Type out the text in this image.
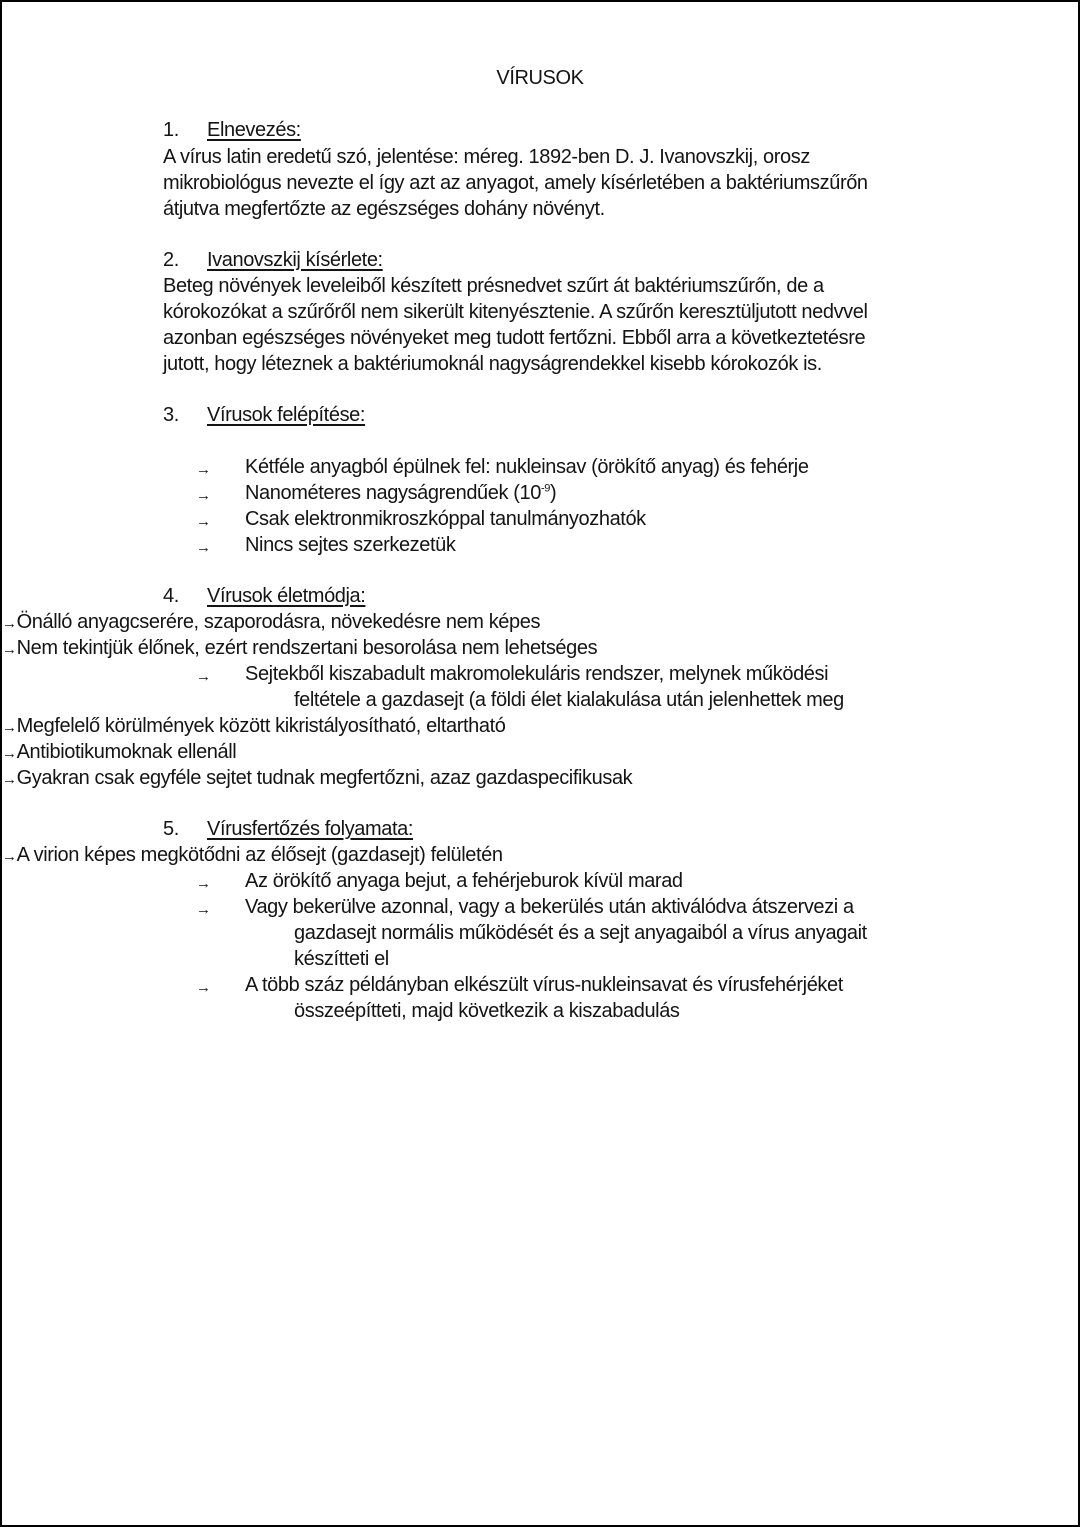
VÍRUSOK
1. Elnevezés:
A vírus latin eredetű szó, jelentése: méreg. 1892-ben D. J. Ivanovszkij, orosz
mikrobiológus nevezte el így azt az anyagot, amely kísérletében a baktériumszűrőn
átjutva megfertőzte az egészséges dohány növényt.
2. Ivanovszkij kísérlete:
Beteg növények leveleiből készített présnedvet szűrt át baktériumszűrőn, de a
kórokozókat a szűrőről nem sikerült kitenyésztenie. A szűrőn keresztüljutott nedvvel
azonban egészséges növényeket meg tudott fertőzni. Ebből arra a következtetésre
jutott, hogy léteznek a baktériumoknál nagyságrendekkel kisebb kórokozók is.
3. Vírusok felépítése:
→ Kétféle anyagból épülnek fel: nukleinsav (örökítő anyag) és fehérje
→ Nanométeres nagyságrendűek $(10^{-9})$
→ Csak elektronmikroszkóppal tanulmányozhatók
→ Nincs sejtes szerkezetük
4. Vírusok életmódja:
→Önálló anyagcserére, szaporodásra, növekedésre nem képes
→Nem tekintjük élőnek, ezért rendszertani besorolása nem lehetséges
→ Sejtekből kiszabadult makromolekuláris rendszer, melynek működési
feltétele a gazdasejt (a földi élet kialakulása után jelenhettek meg
→Megfelelő körülmények között kikristályosítható, eltartható
→Antibiotikumoknak ellenáll
→Gyakran csak egyféle sejtet tudnak megfertőzni, azaz gazdaspecifikusak
5. Vírusfertőzés folyamata:
→A virion képes megkötődni az élősejt (gazdasejt) felületén
→ Az örökítő anyaga bejut, a fehérjeburok kívül marad
→ Vagy bekerülve azonnal, vagy a bekerülés után aktiválódva átszervezi a
gazdasejt normális működését és a sejt anyagaiból a vírus anyagait
készítteti el
→ A több száz példányban elkészült vírus-nukleinsavat és vírusfehérjéket
összeépítteti, majd következik a kiszabadulás
